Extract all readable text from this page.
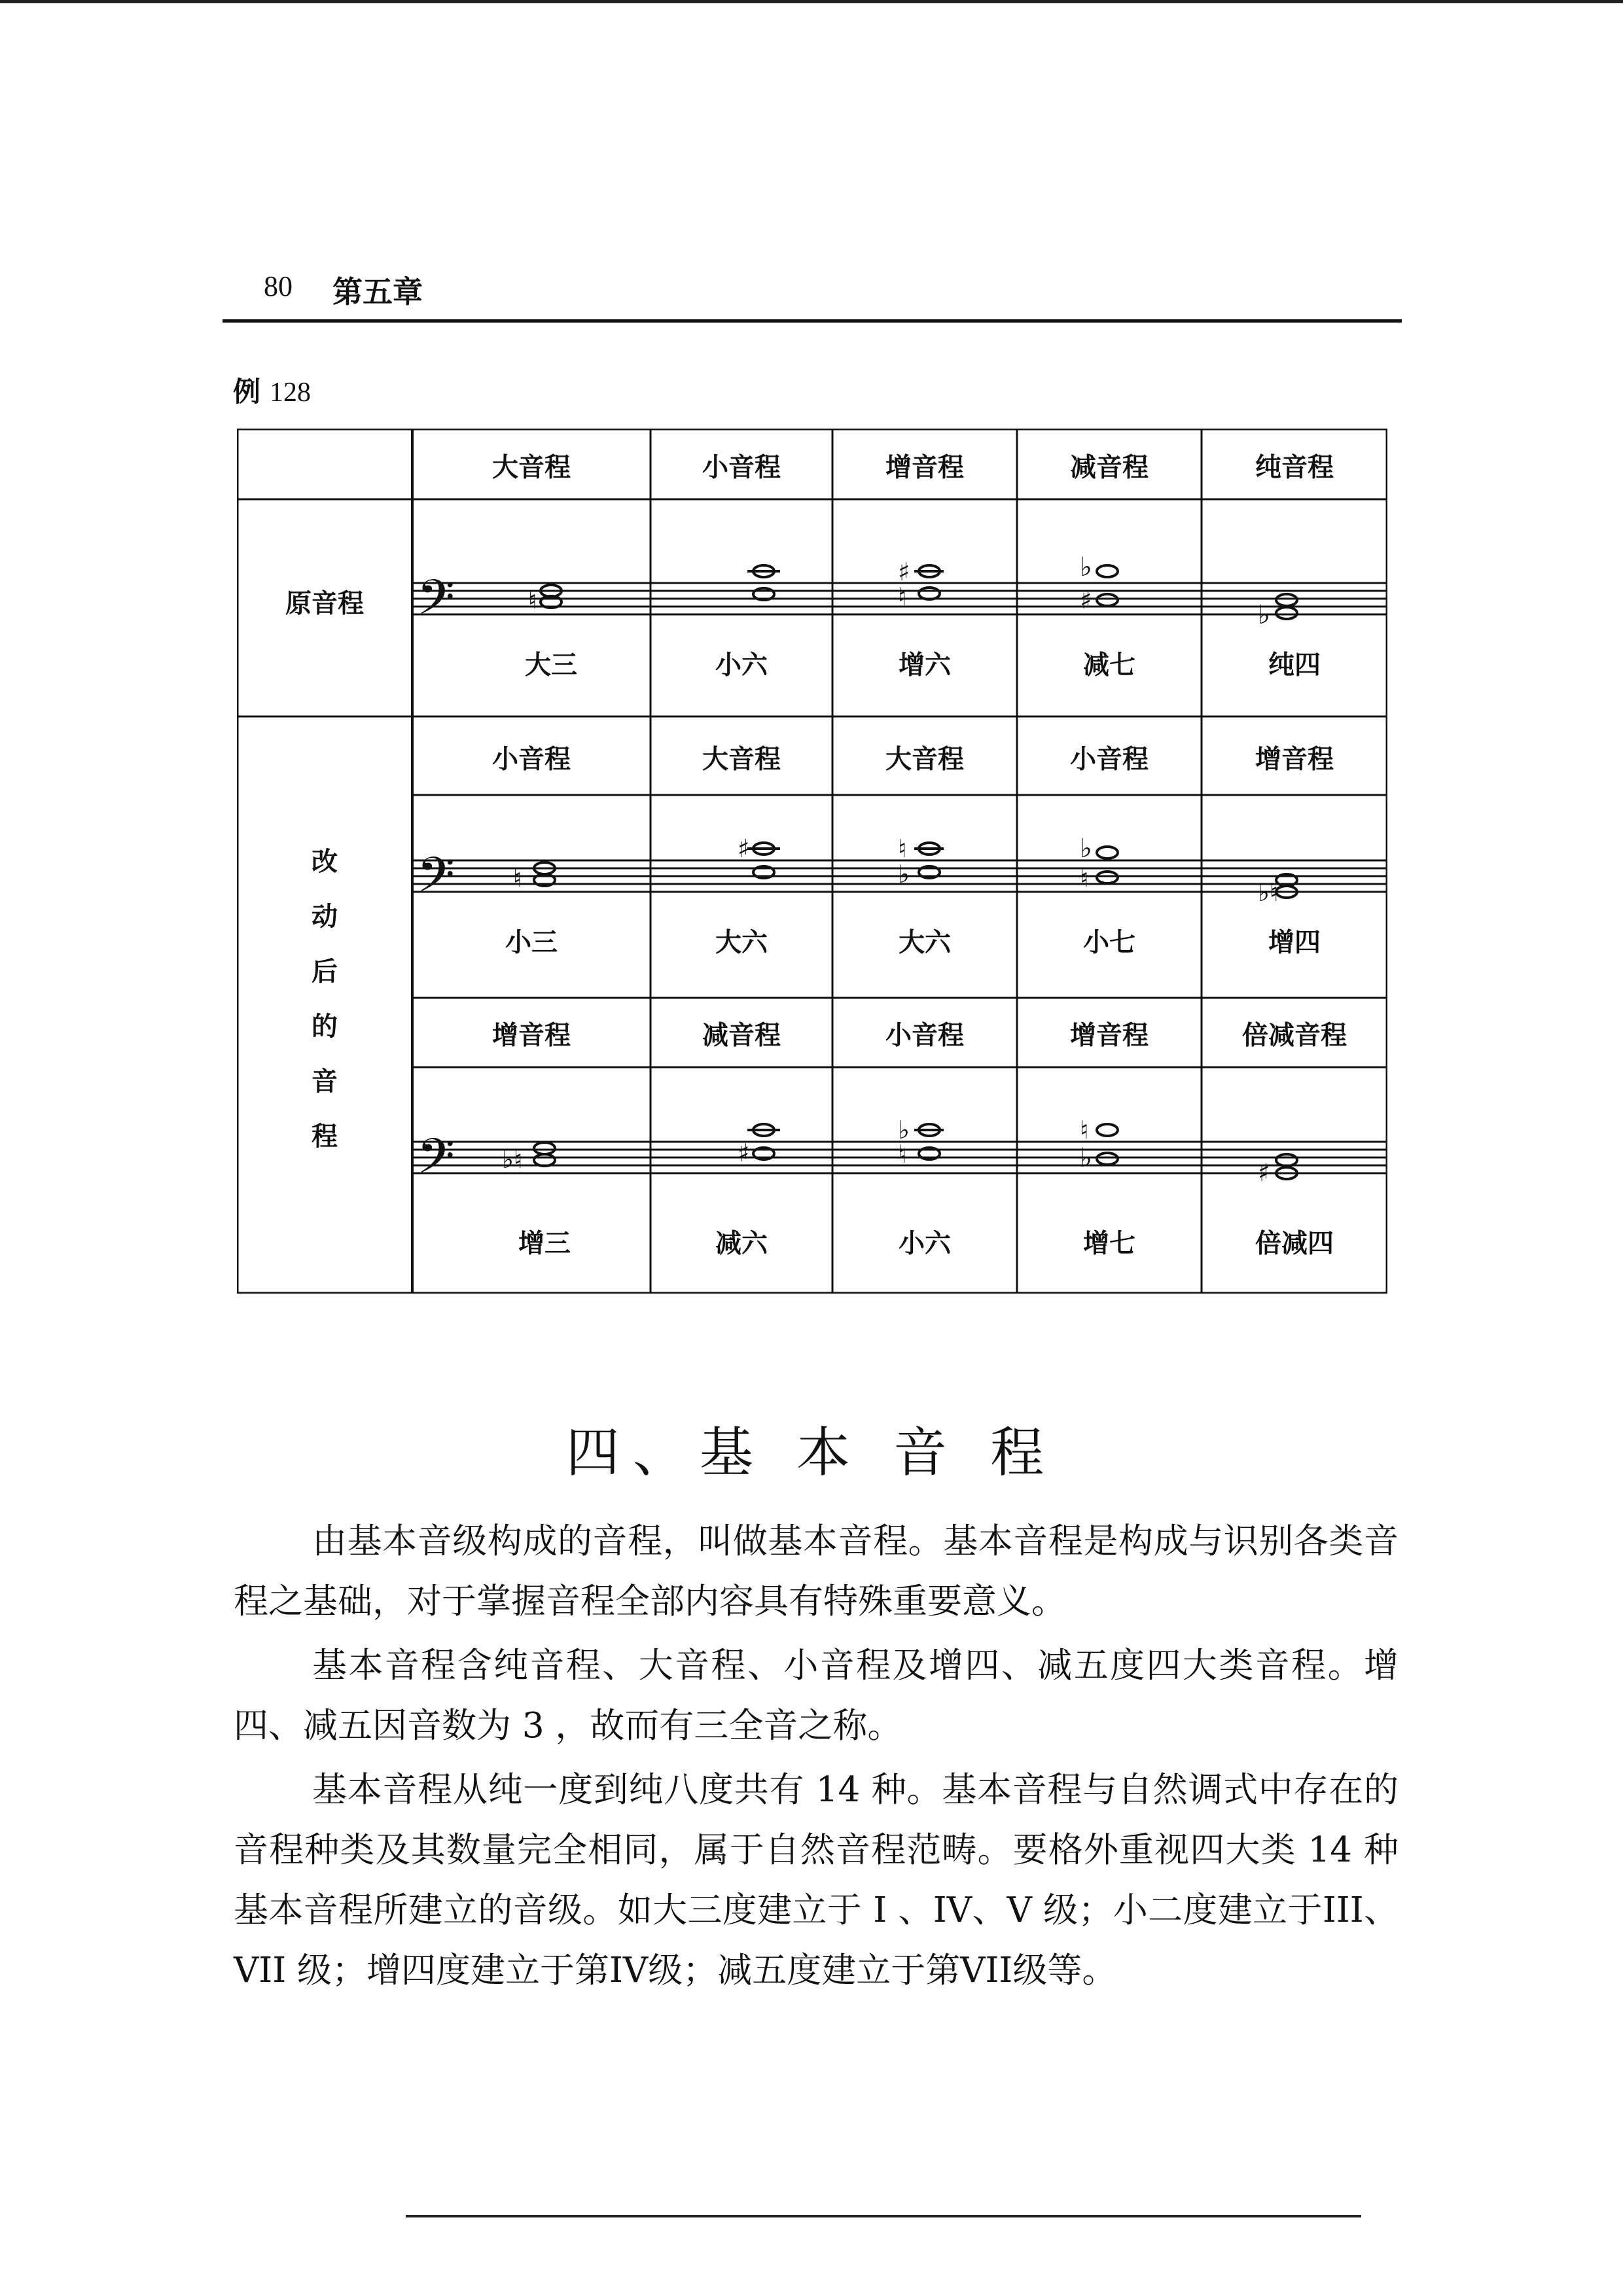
80 第五章
例 128
𝄢
𝄢
𝄢
♮
♯
♮
♭
♯	♭
♮
♯	♮
♭
♭
♮	♭♮
♭♮	♯
♭
♮
♮
♭	♯
大音程	小音程	增音程	减音程	纯音程
原音程
大三	小六	增六	减七	纯四
改
动
后
的
音
程
小音程	大音程	大音程	小音程	增音程
小三	大六	大六	小七	增四
增音程	减音程	小音程	增音程	倍减音程
增三	减六	小六	增七	倍减四
四、基 本 音 程

由基本音级构成的音程，叫做基本音程。基本音程是构成与识别各类音程之基础，对于掌握音程全部内容具有特殊重要意义。

基本音程含纯音程、大音程、小音程及增四、减五度四大类音程。增四、减五因音数为 3 ，故而有三全音之称。

基本音程从纯一度到纯八度共有 14 种。基本音程与自然调式中存在的音程种类及其数量完全相同，属于自然音程范畴。要格外重视四大类 14 种基本音程所建立的音级。如大三度建立于 I 、IV、V 级；小二度建立于III、VII 级；增四度建立于第IV级；减五度建立于第VII级等。
